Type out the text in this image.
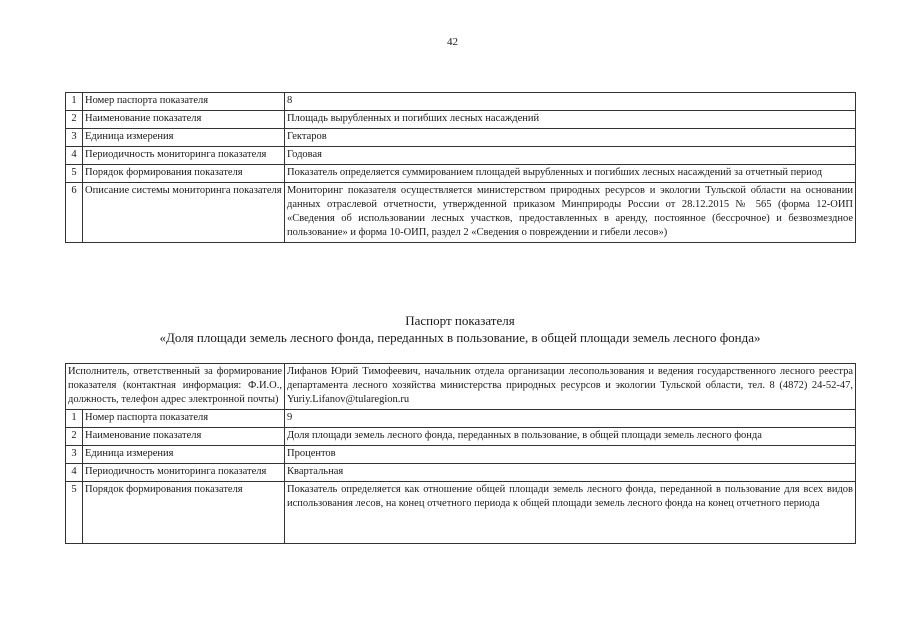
42
1	Номер паспорта показателя	8
2	Наименование показателя	Площадь вырубленных и погибших лесных насаждений
3	Единица измерения	Гектаров
4	Периодичность мониторинга показателя	Годовая
5	Порядок формирования показателя	Показатель определяется суммированием площадей вырубленных и погибших лесных насаждений за отчетный период
6	Описание системы мониторинга показателя	Мониторинг показателя осуществляется министерством природных ресурсов и экологии Тульской области на основании данных отраслевой отчетности, утвержденной приказом Минприроды России от 28.12.2015 № 565 (форма 12-ОИП «Сведения об использовании лесных участков, предоставленных в аренду, постоянное (бессрочное) и безвозмездное пользование» и форма 10-ОИП, раздел 2 «Сведения о повреждении и гибели лесов»)
Паспорт показателя
«Доля площади земель лесного фонда, переданных в пользование, в общей площади земель лесного фонда»
Исполнитель, ответственный за формирование показателя (контактная информация: Ф.И.О., должность, телефон адрес электронной почты)		Лифанов Юрий Тимофеевич, начальник отдела организации лесопользования и ведения государственного лесного реестра департамента лесного хозяйства министерства природных ресурсов и экологии Тульской области, тел. 8 (4872) 24-52-47, Yuriy.Lifanov@tularegion.ru
1	Номер паспорта показателя	9
2	Наименование показателя	Доля площади земель лесного фонда, переданных в пользование, в общей площади земель лесного фонда
3	Единица измерения	Процентов
4	Периодичность мониторинга показателя	Квартальная
5	Порядок формирования показателя	Показатель определяется как отношение общей площади земель лесного фонда, переданной в пользование для всех видов использования лесов, на конец отчетного периода к общей площади земель лесного фонда на конец отчетного периода
